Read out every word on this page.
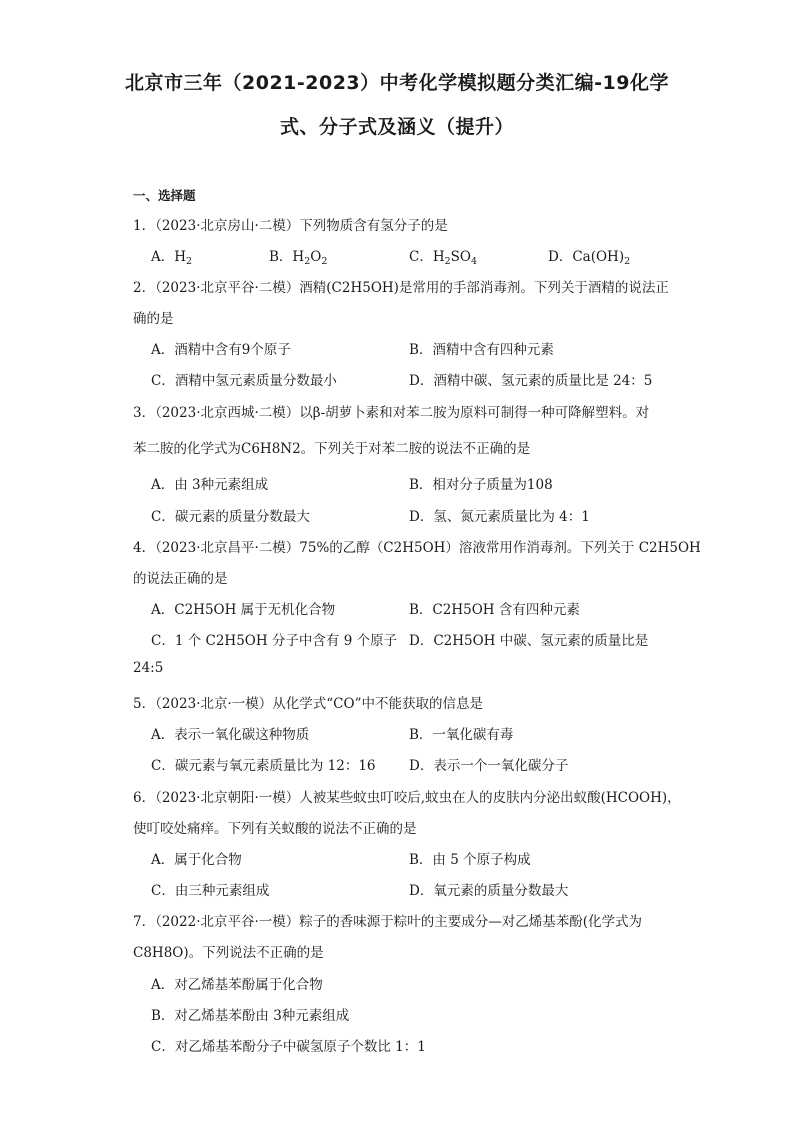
北京市三年（2021-2023）中考化学模拟题分类汇编-19化学
式、分子式及涵义（提升）
一、选择题
1．（2023·北京房山·二模）下列物质含有氢分子的是
A．$H_2$	B．$H_2O_2$	C．$H_2SO_4$	D．$Ca(OH)_2$
2．（2023·北京平谷·二模）酒精(C2H5OH)是常用的手部消毒剂。下列关于酒精的说法正
确的是
A．酒精中含有9个原子	B．酒精中含有四种元素
C．酒精中氢元素质量分数最小	D．酒精中碳、氢元素的质量比是 24：5
3．（2023·北京西城·二模）以β-胡萝卜素和对苯二胺为原料可制得一种可降解塑料。对
苯二胺的化学式为C6H8N2。下列关于对苯二胺的说法不正确的是
A．由 3种元素组成	B．相对分子质量为108
C．碳元素的质量分数最大	D．氢、氮元素质量比为 4：1
4．（2023·北京昌平·二模）75%的乙醇（C2H5OH）溶液常用作消毒剂。下列关于 C2H5OH
的说法正确的是
A．C2H5OH 属于无机化合物	B．C2H5OH 含有四种元素
C．1 个 C2H5OH 分子中含有 9 个原子 D．C2H5OH 中碳、氢元素的质量比是
24:5
5．（2023·北京·一模）从化学式“CO”中不能获取的信息是
A．表示一氧化碳这种物质	B．一氧化碳有毒
C．碳元素与氧元素质量比为 12：16 D．表示一个一氧化碳分子
6．（2023·北京朝阳·一模）人被某些蚊虫叮咬后,蚊虫在人的皮肤内分泌出蚁酸(HCOOH)，
使叮咬处痛痒。下列有关蚁酸的说法不正确的是
A．属于化合物	B．由 5 个原子构成
C．由三种元素组成	D．氧元素的质量分数最大
7．（2022·北京平谷·一模）粽子的香味源于粽叶的主要成分—对乙烯基苯酚(化学式为
C8H8O)。下列说法不正确的是
A．对乙烯基苯酚属于化合物
B．对乙烯基苯酚由 3种元素组成
C．对乙烯基苯酚分子中碳氢原子个数比 1：1
